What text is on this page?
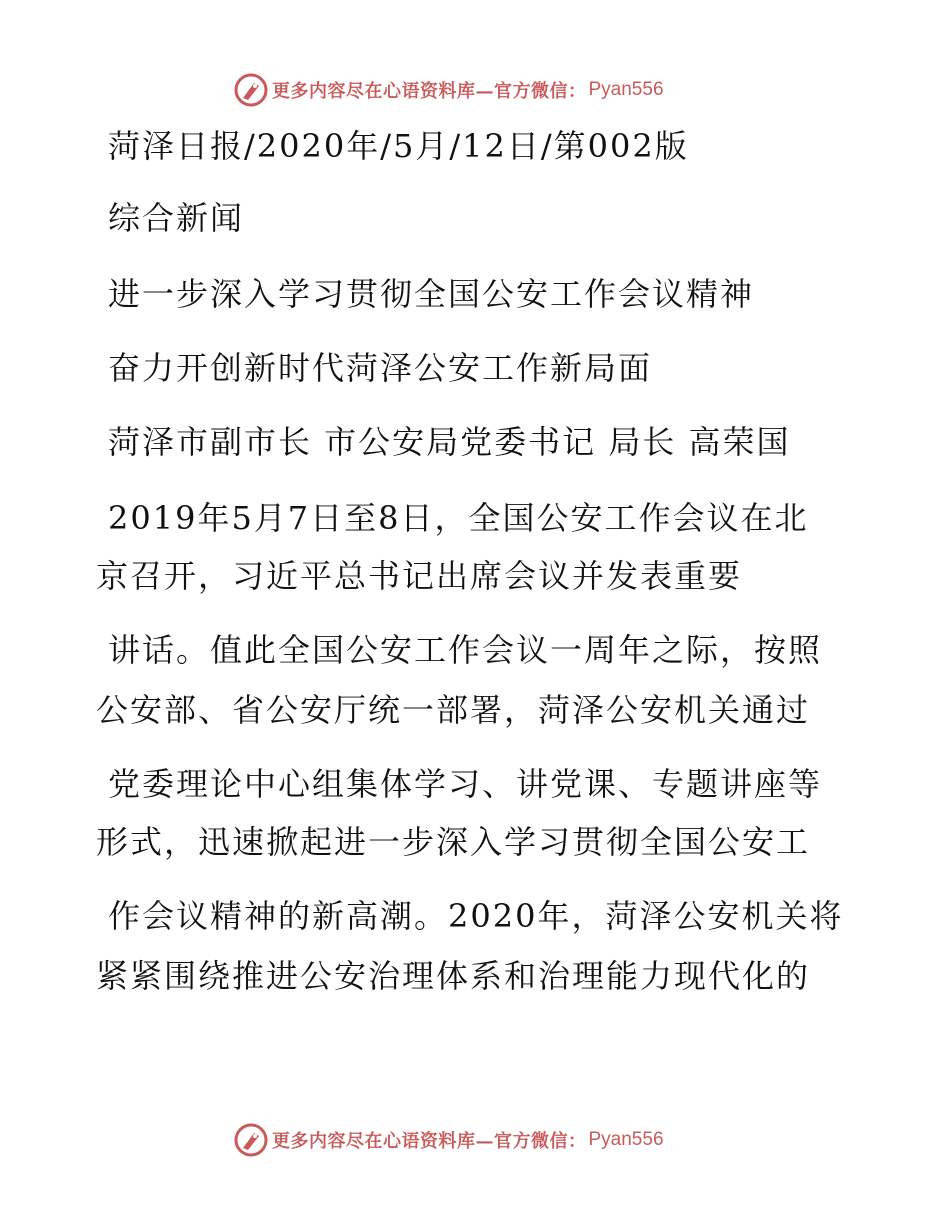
更多内容尽在心语资料库—官方微信： Pyan556
菏泽日报/2020年/5月/12日/第002版
综合新闻
进一步深入学习贯彻全国公安工作会议精神
奋力开创新时代菏泽公安工作新局面
菏泽市副市长 市公安局党委书记 局长 高荣国
2019年5月7日至8日，全国公安工作会议在北
京召开，习近平总书记出席会议并发表重要
讲话。值此全国公安工作会议一周年之际，按照
公安部、省公安厅统一部署，菏泽公安机关通过
党委理论中心组集体学习、讲党课、专题讲座等
形式，迅速掀起进一步深入学习贯彻全国公安工
作会议精神的新高潮。2020年，菏泽公安机关将
紧紧围绕推进公安治理体系和治理能力现代化的
更多内容尽在心语资料库—官方微信： Pyan556
